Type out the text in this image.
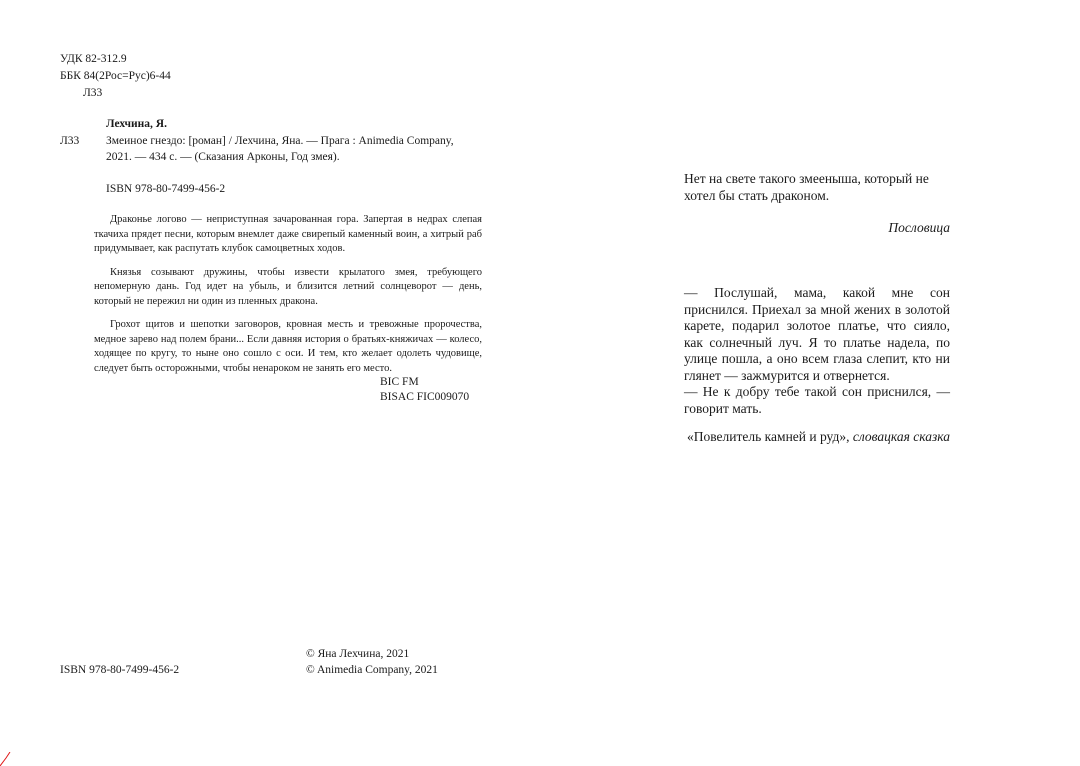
УДК 82-312.9
ББК 84(2Рос=Рус)6-44
Л33
Лехчина, Я.
Л33 Змеиное гнездо: [роман] / Лехчина, Яна. — Прага : Animedia Company,
2021. — 434 с. — (Сказания Арконы, Год змея).
ISBN 978-80-7499-456-2

Драконье логово — неприступная зачарованная гора. Запертая в недрах слепая ткачиха прядет песни, которым внемлет даже свирепый каменный воин, а хитрый раб придумывает, как распутать клубок самоцветных ходов.

Князья созывают дружины, чтобы извести крылатого змея, требующего непомерную дань. Год идет на убыль, и близится летний солнцеворот — день, который не пережил ни один из пленных дракона.

Грохот щитов и шепотки заговоров, кровная месть и тревожные пророчества, медное зарево над полем брани... Если давняя история о братьях-княжичах — колесо, ходящее по кругу, то ныне оно сошло с оси. И тем, кто желает одолеть чудовище, следует быть осторожными, чтобы ненароком не занять его место.

BIC FM
BISAC FIC009070
© Яна Лехчина, 2021
© Animedia Company, 2021
ISBN 978-80-7499-456-2
Нет на свете такого змееныша, который не хотел бы стать драконом.
Пословица

— Послушай, мама, какой мне сон приснился. Приехал за мной жених в золотой карете, подарил золотое платье, что сияло, как солнечный луч. Я то платье надела, по улице пошла, а оно всем глаза слепит, кто ни глянет — зажмурится и отвернется.

— Не к добру тебе такой сон приснился, — говорит мать.

«Повелитель камней и руд», словацкая сказка
